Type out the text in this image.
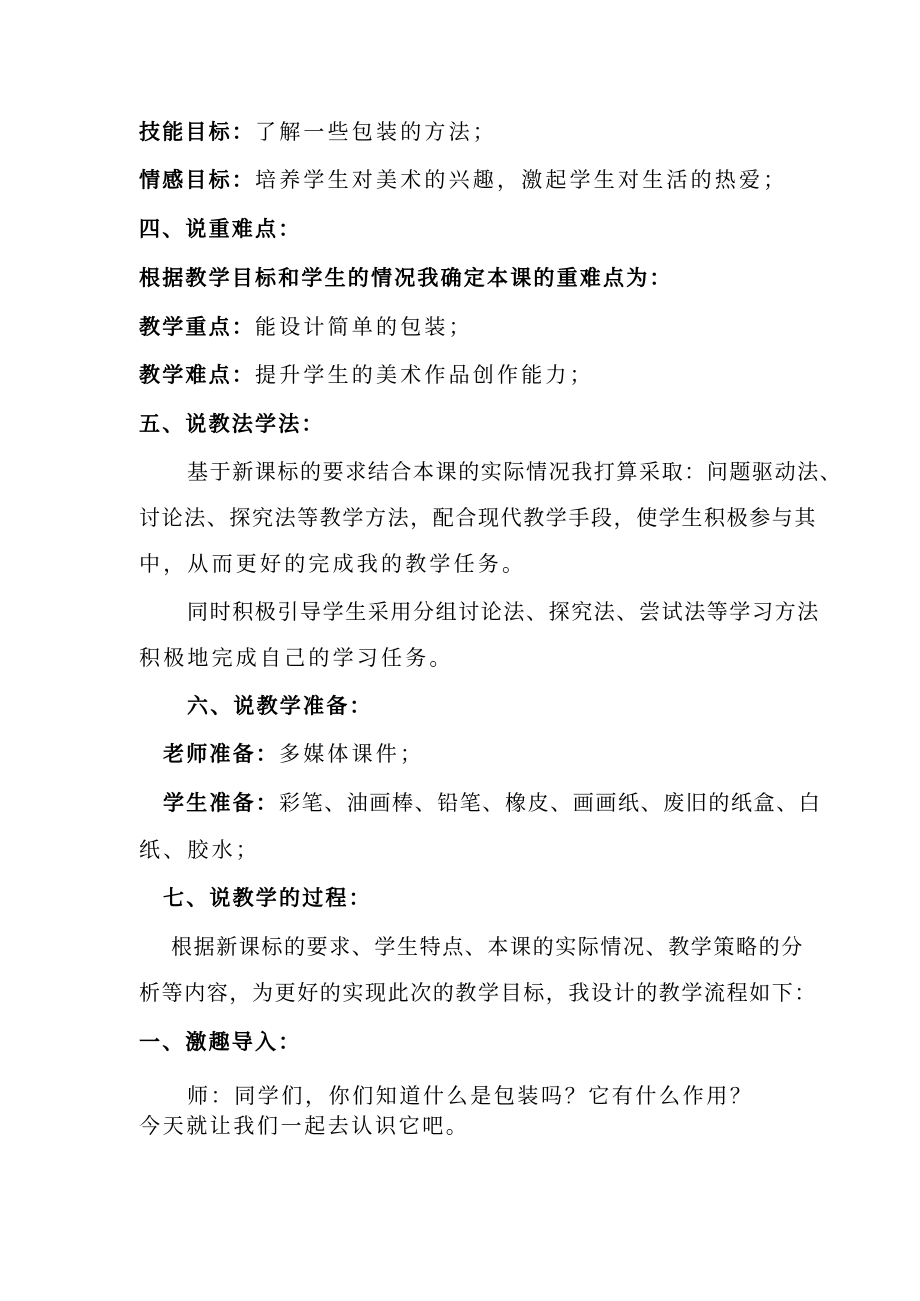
技能目标：了解一些包装的方法；
情感目标：培养学生对美术的兴趣，激起学生对生活的热爱；
四、说重难点：
根据教学目标和学生的情况我确定本课的重难点为：
教学重点：能设计简单的包装；
教学难点：提升学生的美术作品创作能力；
五、说教法学法：
基于新课标的要求结合本课的实际情况我打算采取：问题驱动法、
讨论法、探究法等教学方法，配合现代教学手段，使学生积极参与其
中，从而更好的完成我的教学任务。
同时积极引导学生采用分组讨论法、探究法、尝试法等学习方法
积极地完成自己的学习任务。
六、说教学准备：
老师准备：多媒体课件；
学生准备：彩笔、油画棒、铅笔、橡皮、画画纸、废旧的纸盒、白
纸、胶水；
七、说教学的过程：
根据新课标的要求、学生特点、本课的实际情况、教学策略的分
析等内容，为更好的实现此次的教学目标，我设计的教学流程如下：
一、激趣导入：
师：同学们，你们知道什么是包装吗？它有什么作用？
今天就让我们一起去认识它吧。
